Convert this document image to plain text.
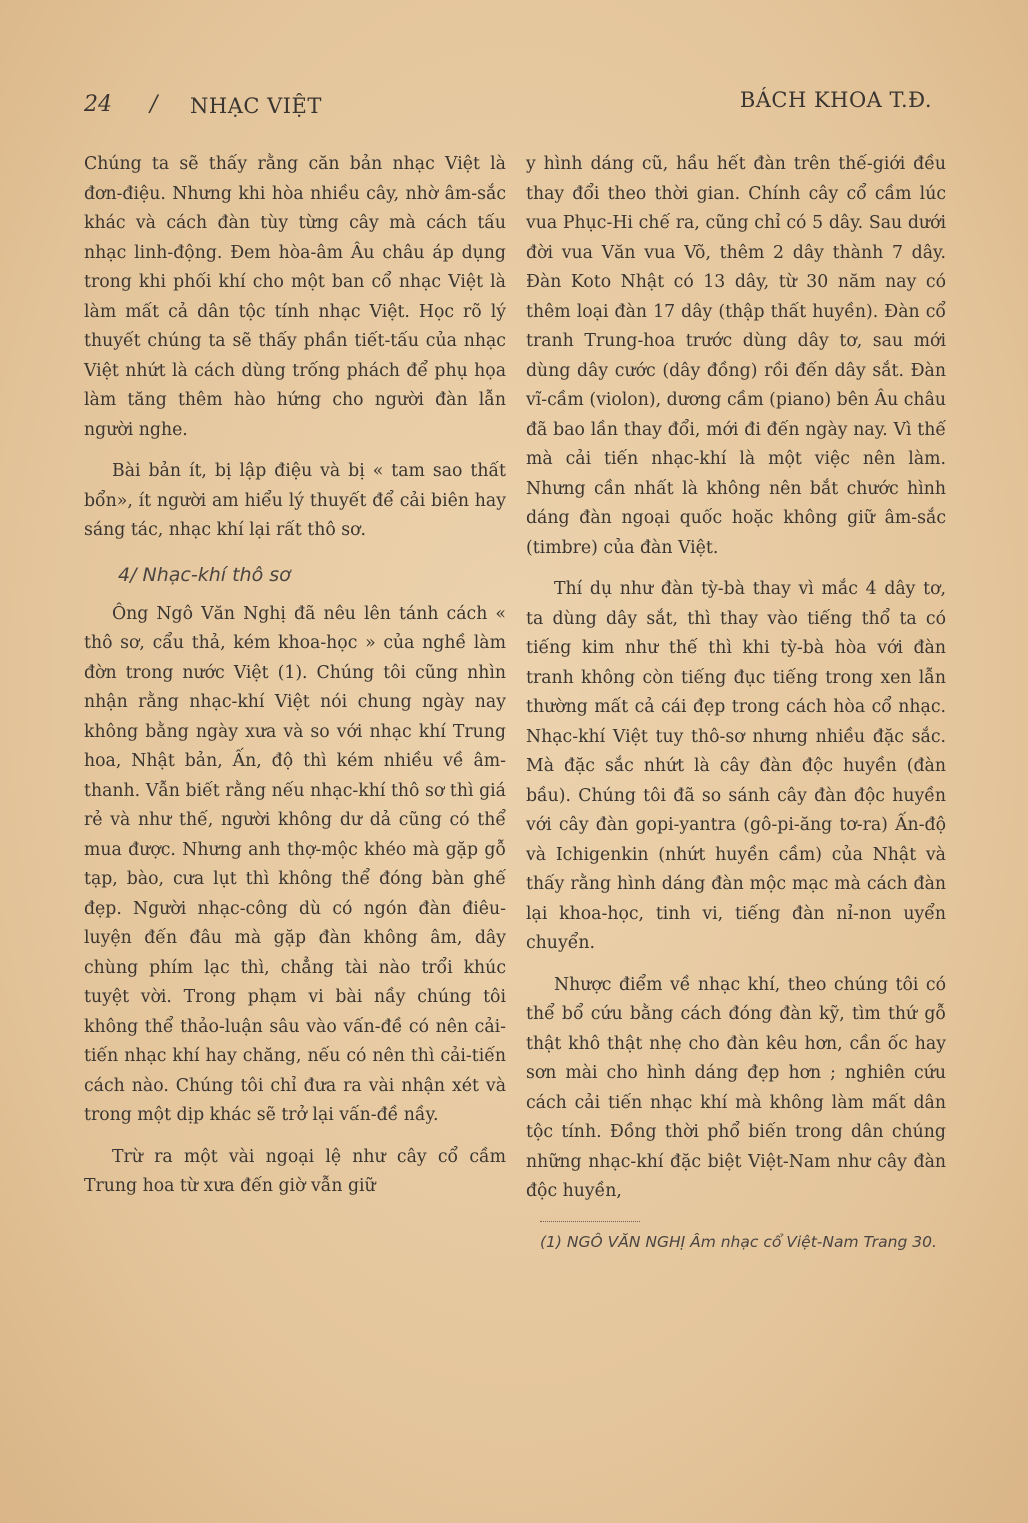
24 / NHẠC VIỆT	BÁCH KHOA T.Đ.

Chúng ta sẽ thấy rằng căn bản nhạc Việt là đơn-điệu. Nhưng khi hòa nhiều cây, nhờ âm-sắc khác và cách đàn tùy từng cây mà cách tấu nhạc linh-động. Đem hòa-âm Âu châu áp dụng trong khi phối khí cho một ban cổ nhạc Việt là làm mất cả dân tộc tính nhạc Việt. Học rõ lý thuyết chúng ta sẽ thấy phần tiết-tấu của nhạc Việt nhứt là cách dùng trống phách để phụ họa làm tăng thêm hào hứng cho người đàn lẫn người nghe.

Bài bản ít, bị lập điệu và bị « tam sao thất bổn», ít người am hiểu lý thuyết để cải biên hay sáng tác, nhạc khí lại rất thô sơ.

4/ Nhạc-khí thô sơ

Ông Ngô Văn Nghị đã nêu lên tánh cách « thô sơ, cẩu thả, kém khoa-học » của nghề làm đờn trong nước Việt (1). Chúng tôi cũng nhìn nhận rằng nhạc-khí Việt nói chung ngày nay không bằng ngày xưa và so với nhạc khí Trung hoa, Nhật bản, Ấn, độ thì kém nhiều về âm-thanh. Vẫn biết rằng nếu nhạc-khí thô sơ thì giá rẻ và như thế, người không dư dả cũng có thể mua được. Nhưng anh thợ-mộc khéo mà gặp gỗ tạp, bào, cưa lụt thì không thể đóng bàn ghế đẹp. Người nhạc-công dù có ngón đàn điêu-luyện đến đâu mà gặp đàn không âm, dây chùng phím lạc thì, chẳng tài nào trổi khúc tuyệt vời. Trong phạm vi bài nầy chúng tôi không thể thảo-luận sâu vào vấn-đề có nên cải-tiến nhạc khí hay chăng, nếu có nên thì cải-tiến cách nào. Chúng tôi chỉ đưa ra vài nhận xét và trong một dịp khác sẽ trở lại vấn-đề nầy.

Trừ ra một vài ngoại lệ như cây cổ cầm Trung hoa từ xưa đến giờ vẫn giữ

y hình dáng cũ, hầu hết đàn trên thế-giới đều thay đổi theo thời gian. Chính cây cổ cầm lúc vua Phục-Hi chế ra, cũng chỉ có 5 dây. Sau dưới đời vua Văn vua Võ, thêm 2 dây thành 7 dây. Đàn Koto Nhật có 13 dây, từ 30 năm nay có thêm loại đàn 17 dây (thập thất huyền). Đàn cổ tranh Trung-hoa trước dùng dây tơ, sau mới dùng dây cước (dây đồng) rồi đến dây sắt. Đàn vĩ-cầm (violon), dương cầm (piano) bên Âu châu đã bao lần thay đổi, mới đi đến ngày nay. Vì thế mà cải tiến nhạc-khí là một việc nên làm. Nhưng cần nhất là không nên bắt chước hình dáng đàn ngoại quốc hoặc không giữ âm-sắc (timbre) của đàn Việt.

Thí dụ như đàn tỳ-bà thay vì mắc 4 dây tơ, ta dùng dây sắt, thì thay vào tiếng thổ ta có tiếng kim như thế thì khi tỳ-bà hòa với đàn tranh không còn tiếng đục tiếng trong xen lẫn thường mất cả cái đẹp trong cách hòa cổ nhạc. Nhạc-khí Việt tuy thô-sơ nhưng nhiều đặc sắc. Mà đặc sắc nhứt là cây đàn độc huyền (đàn bầu). Chúng tôi đã so sánh cây đàn độc huyền với cây đàn gopi-yantra (gô-pi-ăng tơ-ra) Ấn-độ và Ichigenkin (nhứt huyền cầm) của Nhật và thấy rằng hình dáng đàn mộc mạc mà cách đàn lại khoa-học, tinh vi, tiếng đàn nỉ-non uyển chuyển.

Nhược điểm về nhạc khí, theo chúng tôi có thể bổ cứu bằng cách đóng đàn kỹ, tìm thứ gỗ thật khô thật nhẹ cho đàn kêu hơn, cần ốc hay sơn mài cho hình dáng đẹp hơn ; nghiên cứu cách cải tiến nhạc khí mà không làm mất dân tộc tính. Đồng thời phổ biến trong dân chúng những nhạc-khí đặc biệt Việt-Nam như cây đàn độc huyền,

(1) NGÔ VĂN NGHỊ Âm nhạc cổ Việt-Nam Trang 30.
